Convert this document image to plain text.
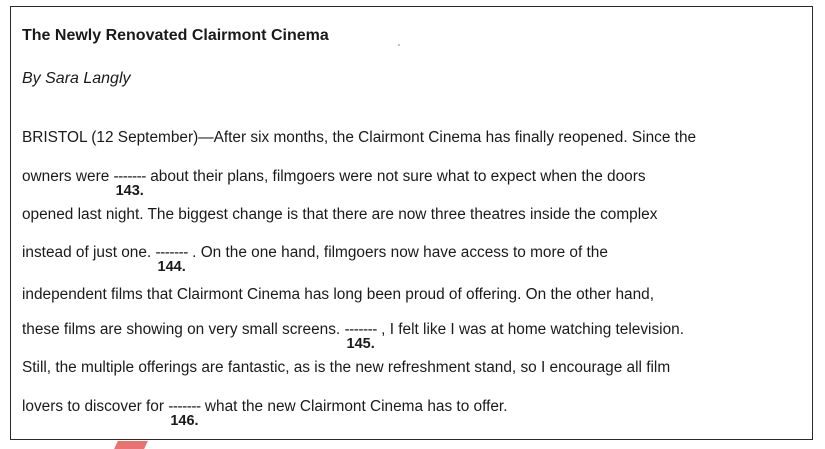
The Newly Renovated Clairmont Cinema
By Sara Langly
BRISTOL (12 September)—After six months, the Clairmont Cinema has finally reopened. Since the
owners were -------
143.
about their plans, filmgoers were not sure what to expect when the doors
opened last night. The biggest change is that there are now three theatres inside the complex
instead of just one. -------
144.
. On the one hand, filmgoers now have access to more of the
independent films that Clairmont Cinema has long been proud of offering. On the other hand,
these films are showing on very small screens. -------
145.
, I felt like I was at home watching television.
Still, the multiple offerings are fantastic, as is the new refreshment stand, so I encourage all film
lovers to discover for -------
146.
what the new Clairmont Cinema has to offer.
